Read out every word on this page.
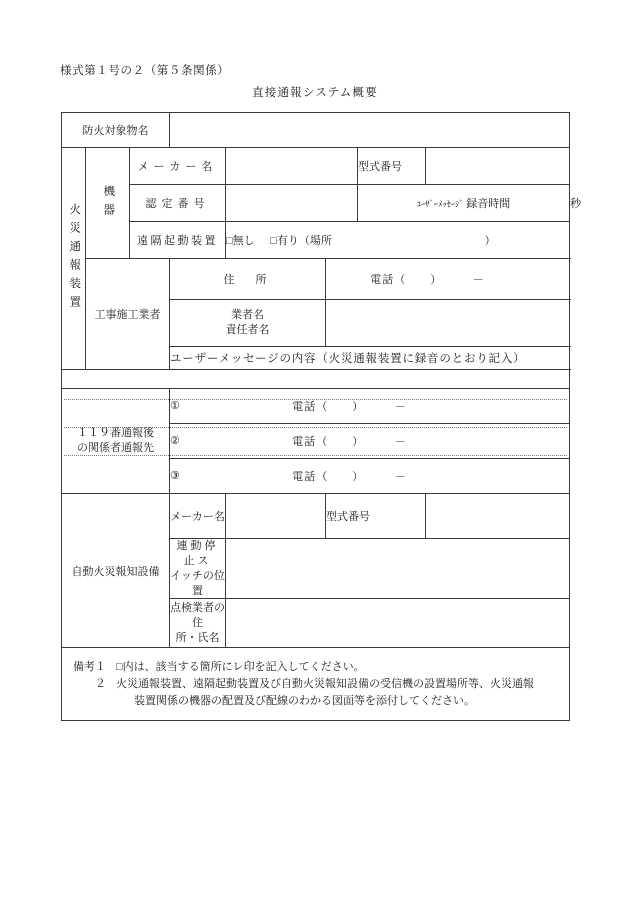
様式第１号の２（第５条関係）
直接通報システム概要
防火対象物名								

火災通報装置	機器	メーカー名				型式番号		
		認定番号				ﾕｰｻﾞｰﾒｯｾｰｼﾞ 録音時間		秒
		遠隔起動装置		□無し □有り（場所 ）				
	工事施工業者		住　所		電話（　　）　　　－			

			業者名
責任者名					

			ユーザーメッセージの内容（火災通報装置に録音のとおり記入）					

１１９番通報後
の関係者通報先
	①	電話（　　）　　　－

			② 電話（　　）　　　－					

			③ 電話（　　）　　　－					

自動火災報知設備			メーカー名		型式番号			

			連動停止ス
イッチの位置					

			点検業者の　住
所・氏名					

備考１ □内は、該当する箇所にレ印を記入してください。
２ 火災通報装置、遠隔起動装置及び自動火災報知設備の受信機の設置場所等、火災通報
装置関係の機器の配置及び配線のわかる図面等を添付してください。								
